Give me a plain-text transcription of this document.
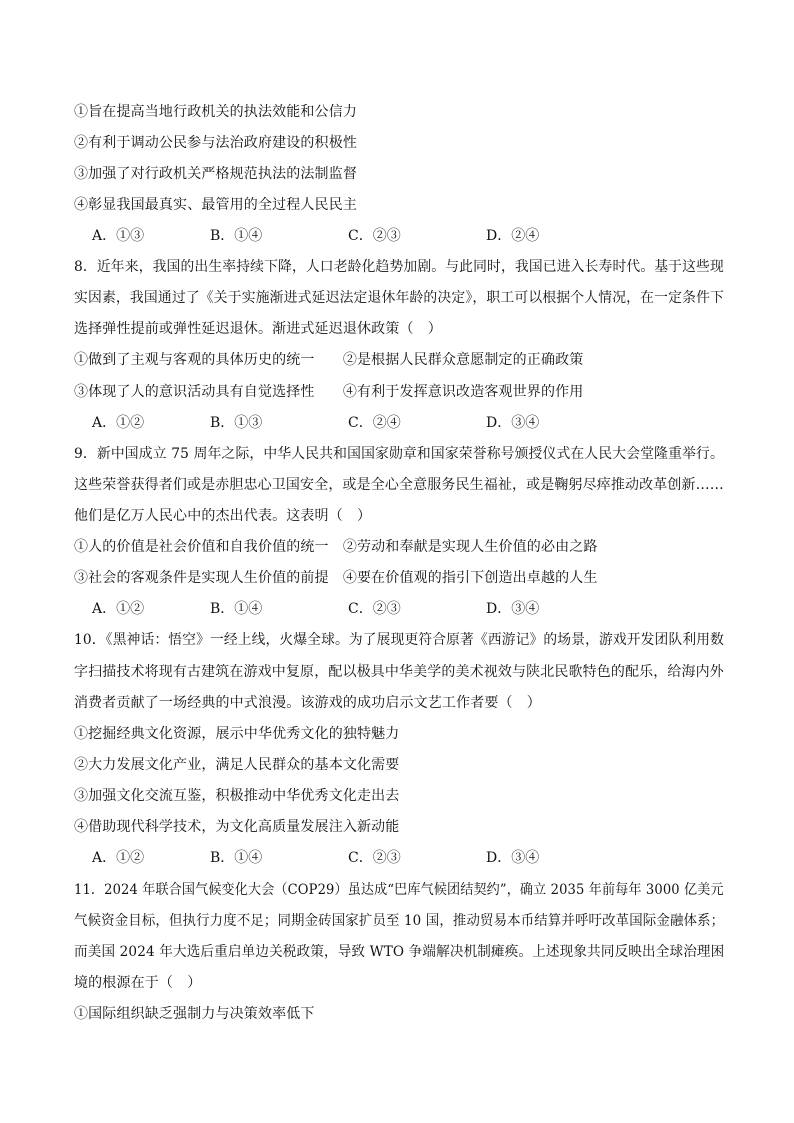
①旨在提高当地行政机关的执法效能和公信力
②有利于调动公民参与法治政府建设的积极性
③加强了对行政机关严格规范执法的法制监督
④彰显我国最真实、最管用的全过程人民民主
A．①③	B．①④	C．②③	D．②④
8．近年来，我国的出生率持续下降，人口老龄化趋势加剧。与此同时，我国已进入长寿时代。基于这些现
实因素，我国通过了《关于实施渐进式延迟法定退休年龄的决定》，职工可以根据个人情况，在一定条件下
选择弹性提前或弹性延迟退休。渐进式延迟退休政策（　）
①做到了主观与客观的具体历史的统一　　②是根据人民群众意愿制定的正确政策
③体现了人的意识活动具有自觉选择性　　④有利于发挥意识改造客观世界的作用
A．①②	B．①③	C．②④	D．③④
9．新中国成立 75 周年之际，中华人民共和国国家勋章和国家荣誉称号颁授仪式在人民大会堂隆重举行。
这些荣誉获得者们或是赤胆忠心卫国安全，或是全心全意服务民生福祉，或是鞠躬尽瘁推动改革创新……
他们是亿万人民心中的杰出代表。这表明（　）
①人的价值是社会价值和自我价值的统一　②劳动和奉献是实现人生价值的必由之路
③社会的客观条件是实现人生价值的前提　④要在价值观的指引下创造出卓越的人生
A．①②	B．①④	C．②③	D．③④
10．《黑神话：悟空》一经上线，火爆全球。为了展现更符合原著《西游记》的场景，游戏开发团队利用数
字扫描技术将现有古建筑在游戏中复原，配以极具中华美学的美术视效与陕北民歌特色的配乐，给海内外
消费者贡献了一场经典的中式浪漫。该游戏的成功启示文艺工作者要（　）
①挖掘经典文化资源，展示中华优秀文化的独特魅力
②大力发展文化产业，满足人民群众的基本文化需要
③加强文化交流互鉴，积极推动中华优秀文化走出去
④借助现代科学技术，为文化高质量发展注入新动能
A．①②	B．①④	C．②③	D．③④
11．2024 年联合国气候变化大会（COP29）虽达成“巴库气候团结契约”，确立 2035 年前每年 3000 亿美元
气候资金目标，但执行力度不足；同期金砖国家扩员至 10 国，推动贸易本币结算并呼吁改革国际金融体系；
而美国 2024 年大选后重启单边关税政策，导致 WTO 争端解决机制瘫痪。上述现象共同反映出全球治理困
境的根源在于（　）
①国际组织缺乏强制力与决策效率低下
